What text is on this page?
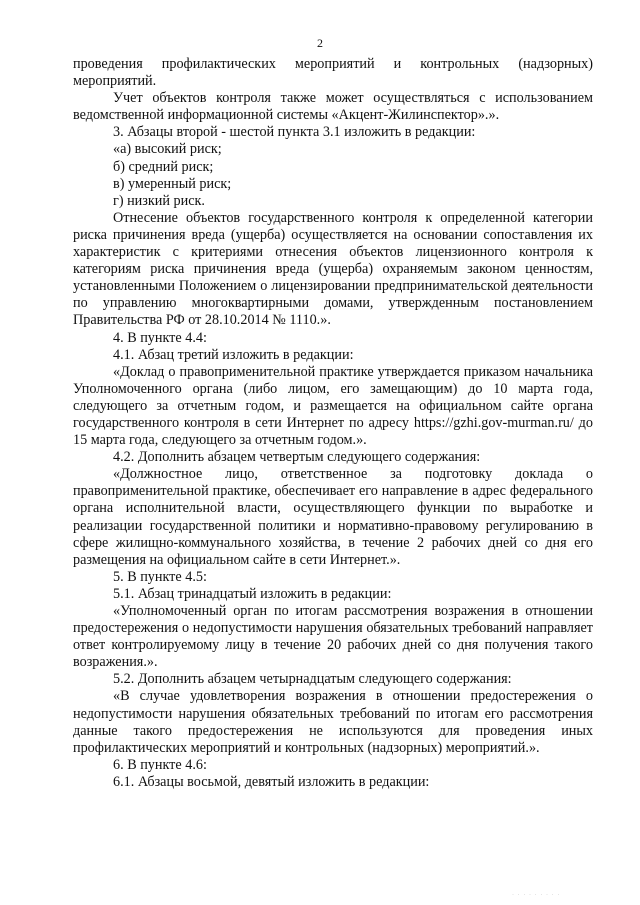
2

проведения профилактических мероприятий и контрольных (надзорных) мероприятий.

Учет объектов контроля также может осуществляться с использованием ведомственной информационной системы «Акцент-Жилинспектор».».

3. Абзацы второй - шестой пункта 3.1 изложить в редакции:

«а) высокий риск;

б) средний риск;

в) умеренный риск;

г) низкий риск.

Отнесение объектов государственного контроля к определенной категории риска причинения вреда (ущерба) осуществляется на основании сопоставления их характеристик с критериями отнесения объектов лицензионного контроля к категориям риска причинения вреда (ущерба) охраняемым законом ценностям, установленными Положением о лицензировании предпринимательской деятельности по управлению многоквартирными домами, утвержденным постановлением Правительства РФ от 28.10.2014 № 1110.».

4. В пункте 4.4:

4.1. Абзац третий изложить в редакции:

«Доклад о правоприменительной практике утверждается приказом начальника Уполномоченного органа (либо лицом, его замещающим) до 10 марта года, следующего за отчетным годом, и размещается на официальном сайте органа государственного контроля в сети Интернет по адресу https://gzhi.gov-murman.ru/ до 15 марта года, следующего за отчетным годом.».

4.2. Дополнить абзацем четвертым следующего содержания:

«Должностное лицо, ответственное за подготовку доклада о правоприменительной практике, обеспечивает его направление в адрес федерального органа исполнительной власти, осуществляющего функции по выработке и реализации государственной политики и нормативно-правовому регулированию в сфере жилищно-коммунального хозяйства, в течение 2 рабочих дней со дня его размещения на официальном сайте в сети Интернет.».

5. В пункте 4.5:

5.1. Абзац тринадцатый изложить в редакции:

«Уполномоченный орган по итогам рассмотрения возражения в отношении предостережения о недопустимости нарушения обязательных требований направляет ответ контролируемому лицу в течение 20 рабочих дней со дня получения такого возражения.».

5.2. Дополнить абзацем четырнадцатым следующего содержания:

«В случае удовлетворения возражения в отношении предостережения о недопустимости нарушения обязательных требований по итогам его рассмотрения данные такого предостережения не используются для проведения иных профилактических мероприятий и контрольных (надзорных) мероприятий.».

6. В пункте 4.6:

6.1. Абзацы восьмой, девятый изложить в редакции:

· · · · · · · · ·
